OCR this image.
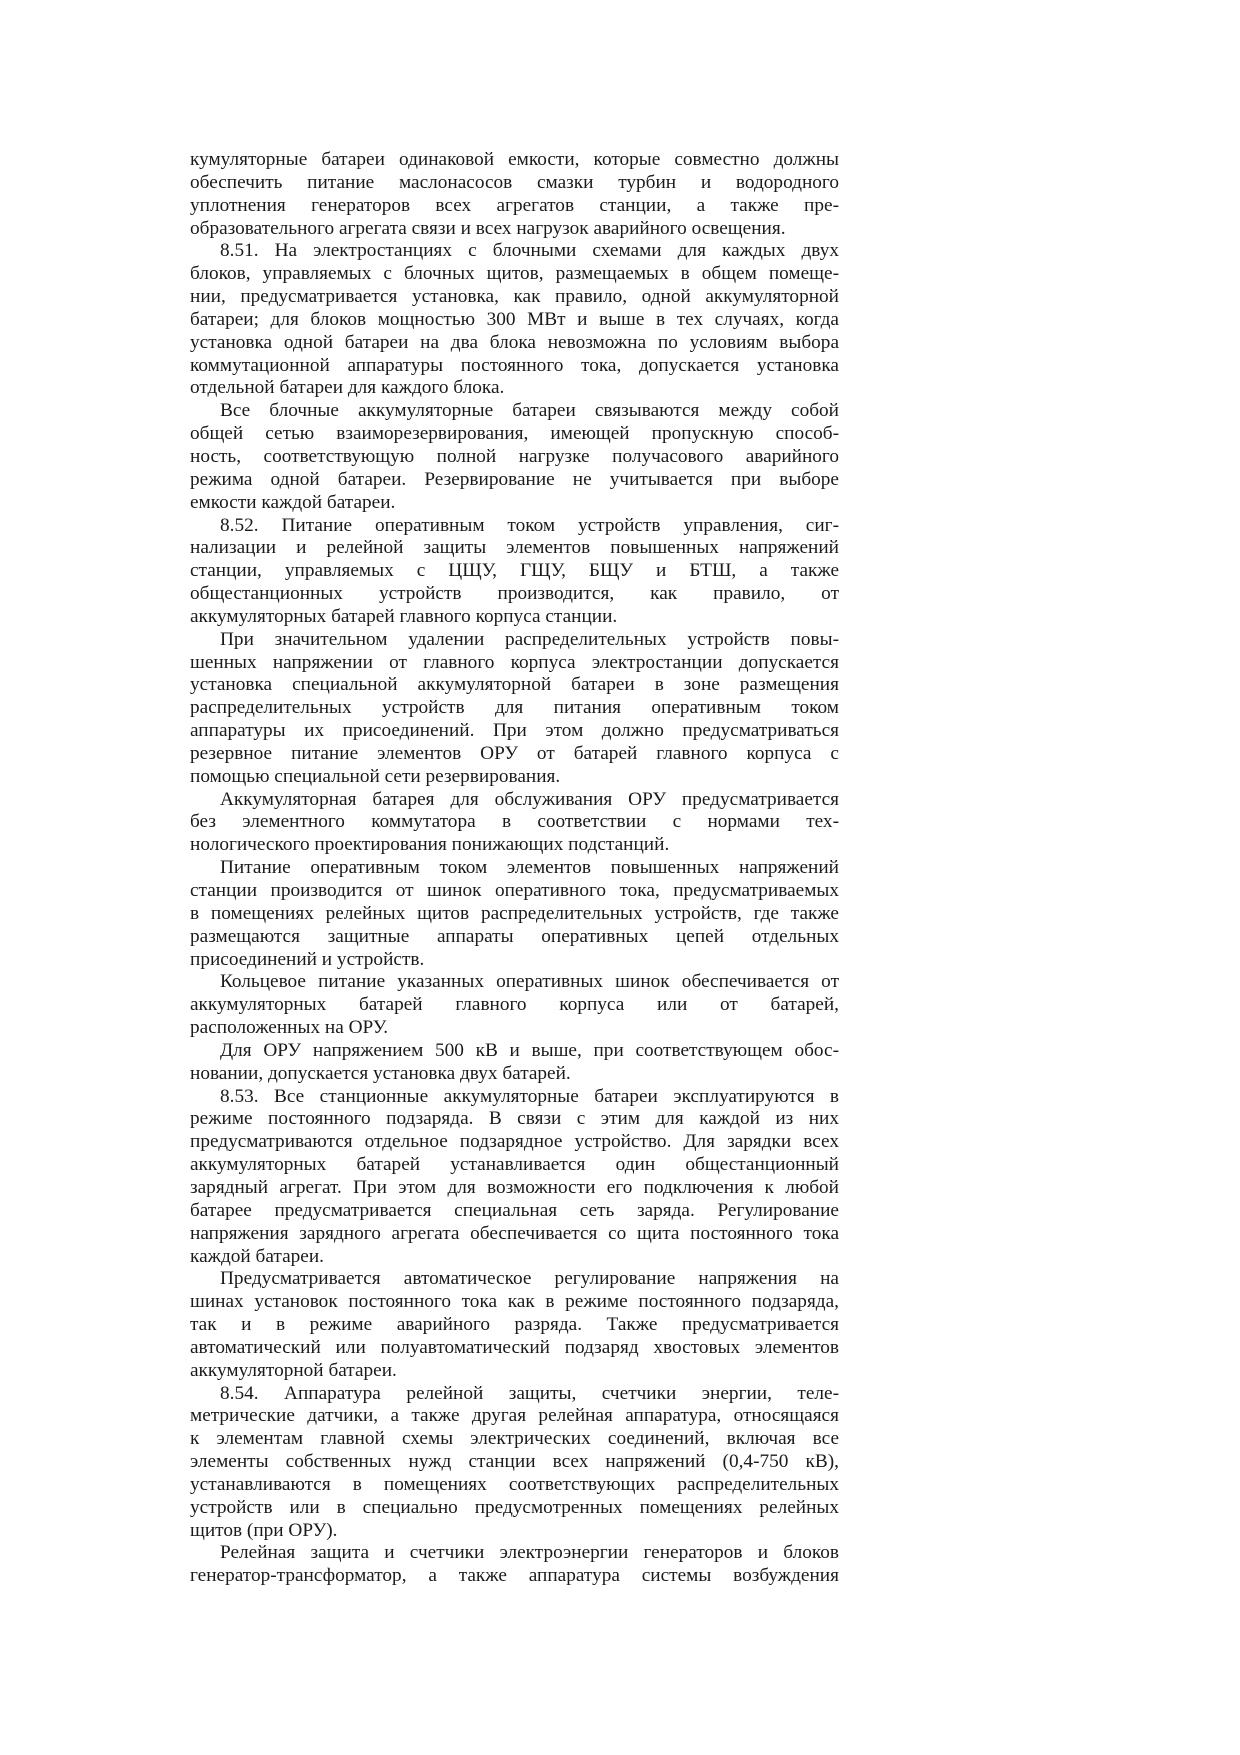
кумуляторные батареи одинаковой емкости, которые совместно должны
обеспечить питание маслонасосов смазки турбин и водородного
уплотнения генераторов всех агрегатов станции, а также пре-
образовательного агрегата связи и всех нагрузок аварийного освещения.
8.51. На электростанциях с блочными схемами для каждых двух
блоков, управляемых с блочных щитов, размещаемых в общем помеще-
нии, предусматривается установка, как правило, одной аккумуляторной
батареи; для блоков мощностью 300 МВт и выше в тех случаях, когда
установка одной батареи на два блока невозможна по условиям выбора
коммутационной аппаратуры постоянного тока, допускается установка
отдельной батареи для каждого блока.
Все блочные аккумуляторные батареи связываются между собой
общей сетью взаиморезервирования, имеющей пропускную способ-
ность, соответствующую полной нагрузке получасового аварийного
режима одной батареи. Резервирование не учитывается при выборе
емкости каждой батареи.
8.52. Питание оперативным током устройств управления, сиг-
нализации и релейной защиты элементов повышенных напряжений
станции, управляемых с ЦЩУ, ГЩУ, БЩУ и БТШ, а также
общестанционных устройств производится, как правило, от
аккумуляторных батарей главного корпуса станции.
При значительном удалении распределительных устройств повы-
шенных напряжении от главного корпуса электростанции допускается
установка специальной аккумуляторной батареи в зоне размещения
распределительных устройств для питания оперативным током
аппаратуры их присоединений. При этом должно предусматриваться
резервное питание элементов ОРУ от батарей главного корпуса с
помощью специальной сети резервирования.
Аккумуляторная батарея для обслуживания ОРУ предусматривается
без элементного коммутатора в соответствии с нормами тех-
нологического проектирования понижающих подстанций.
Питание оперативным током элементов повышенных напряжений
станции производится от шинок оперативного тока, предусматриваемых
в помещениях релейных щитов распределительных устройств, где также
размещаются защитные аппараты оперативных цепей отдельных
присоединений и устройств.
Кольцевое питание указанных оперативных шинок обеспечивается от
аккумуляторных батарей главного корпуса или от батарей,
расположенных на ОРУ.
Для ОРУ напряжением 500 кВ и выше, при соответствующем обос-
новании, допускается установка двух батарей.
8.53. Все станционные аккумуляторные батареи эксплуатируются в
режиме постоянного подзаряда. В связи с этим для каждой из них
предусматриваются отдельное подзарядное устройство. Для зарядки всех
аккумуляторных батарей устанавливается один общестанционный
зарядный агрегат. При этом для возможности его подключения к любой
батарее предусматривается специальная сеть заряда. Регулирование
напряжения зарядного агрегата обеспечивается со щита постоянного тока
каждой батареи.
Предусматривается автоматическое регулирование напряжения на
шинах установок постоянного тока как в режиме постоянного подзаряда,
так и в режиме аварийного разряда. Также предусматривается
автоматический или полуавтоматический подзаряд хвостовых элементов
аккумуляторной батареи.
8.54. Аппаратура релейной защиты, счетчики энергии, теле-
метрические датчики, а также другая релейная аппаратура, относящаяся
к элементам главной схемы электрических соединений, включая все
элементы собственных нужд станции всех напряжений (0,4-750 кВ),
устанавливаются в помещениях соответствующих распределительных
устройств или в специально предусмотренных помещениях релейных
щитов (при ОРУ).
Релейная защита и счетчики электроэнергии генераторов и блоков
генератор-трансформатор, а также аппаратура системы возбуждения
